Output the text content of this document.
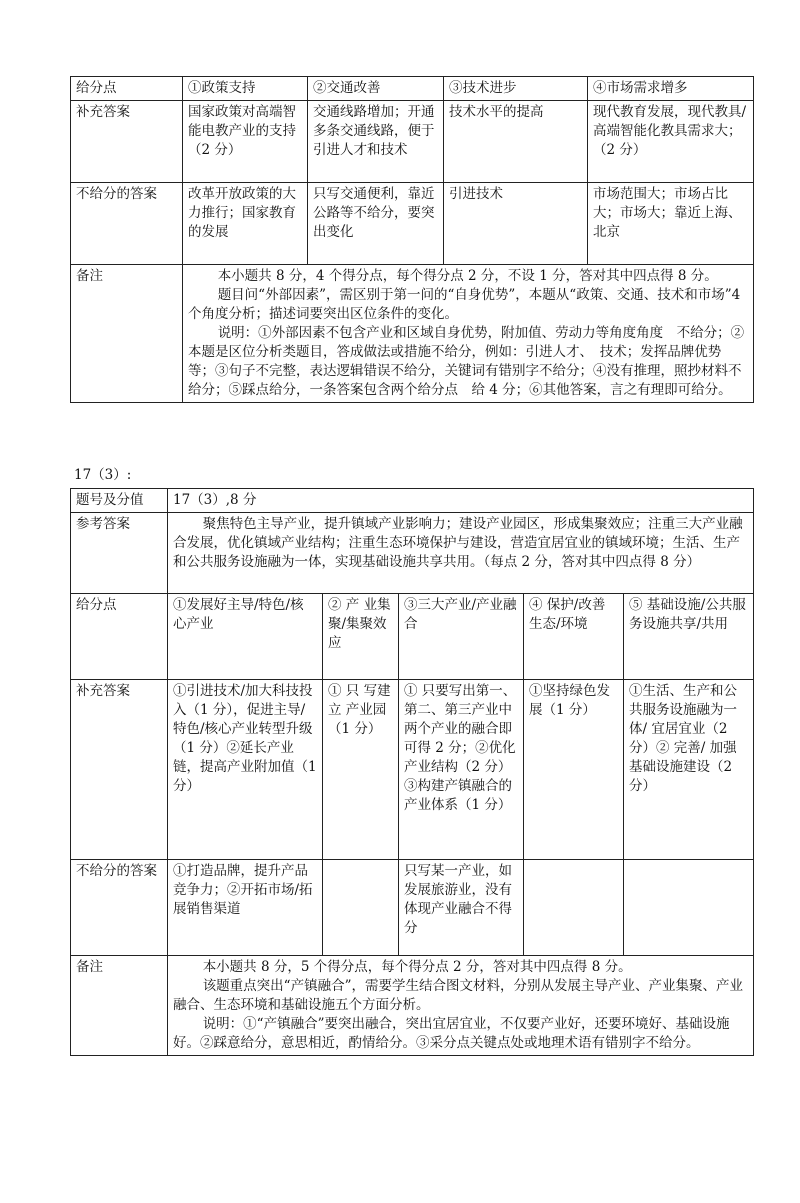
给分点	①政策支持	②交通改善	③技术进步	④市场需求增多
补充答案	国家政策对高端智能电教产业的支持（2 分）	交通线路增加；开通多条交通线路，便于引进人才和技术	技术水平的提高	现代教育发展，现代教具/高端智能化教具需求大；（2 分）
不给分的答案	改革开放政策的大力推行；国家教育的发展	只写交通便利，靠近公路等不给分，要突出变化	引进技术	市场范围大；市场占比大；市场大；靠近上海、北京
备注	本小题共 8 分，4 个得分点，每个得分点 2 分，不设 1 分，答对其中四点得 8 分。

题目问“外部因素”，需区别于第一问的“自身优势”，本题从“政策、交通、技术和市场”4 个角度分析；描述词要突出区位条件的变化。

说明：①外部因素不包含产业和区域自身优势，附加值、劳动力等角度角度　不给分；②本题是区位分析类题目，答成做法或措施不给分，例如：引进人才、　技术；发挥品牌优势等；③句子不完整，表达逻辑错误不给分，关键词有错别字不给分；④没有推理，照抄材料不给分；⑤踩点给分，一条答案包含两个给分点　给 4 分；⑥其他答案，言之有理即可给分。			

17（3）:
题号及分值	17（3）,8 分				
参考答案	聚焦特色主导产业，提升镇域产业影响力；建设产业园区，形成集聚效应；注重三大产业融合发展，优化镇域产业结构；注重生态环境保护与建设，营造宜居宜业的镇域环境；生活、生产和公共服务设施融为一体，实现基础设施共享共用。（每点 2 分，答对其中四点得 8 分）				
给分点	①发展好主导/特色/核心产业	② 产 业集聚/集聚效应	③三大产业/产业融合	④ 保护/改善生态/环境	⑤ 基础设施/公共服务设施共享/共用
补充答案	①引进技术/加大科技投入（1 分），促进主导/特色/核心产业转型升级（1 分）②延长产业链，提高产业附加值（1 分）	① 只 写建 立 产业园（1 分）	① 只要写出第一、第二、第三产业中两个产业的融合即可得 2 分；②优化产业结构（2 分）③构建产镇融合的产业体系（1 分）	①坚持绿色发展（1 分）	①生活、生产和公共服务设施融为一体/ 宜居宜业（2 分）② 完善/ 加强基础设施建设（2 分）
不给分的答案	①打造品牌，提升产品竞争力；②开拓市场/拓展销售渠道		只写某一产业，如发展旅游业，没有体现产业融合不得分		
备注	本小题共 8 分，5 个得分点，每个得分点 2 分，答对其中四点得 8 分。

该题重点突出“产镇融合”，需要学生结合图文材料，分别从发展主导产业、产业集聚、产业融合、生态环境和基础设施五个方面分析。

说明：①“产镇融合”要突出融合，突出宜居宜业，不仅要产业好，还要环境好、基础设施好。②踩意给分，意思相近，酌情给分。③采分点关键点处或地理术语有错别字不给分。				
